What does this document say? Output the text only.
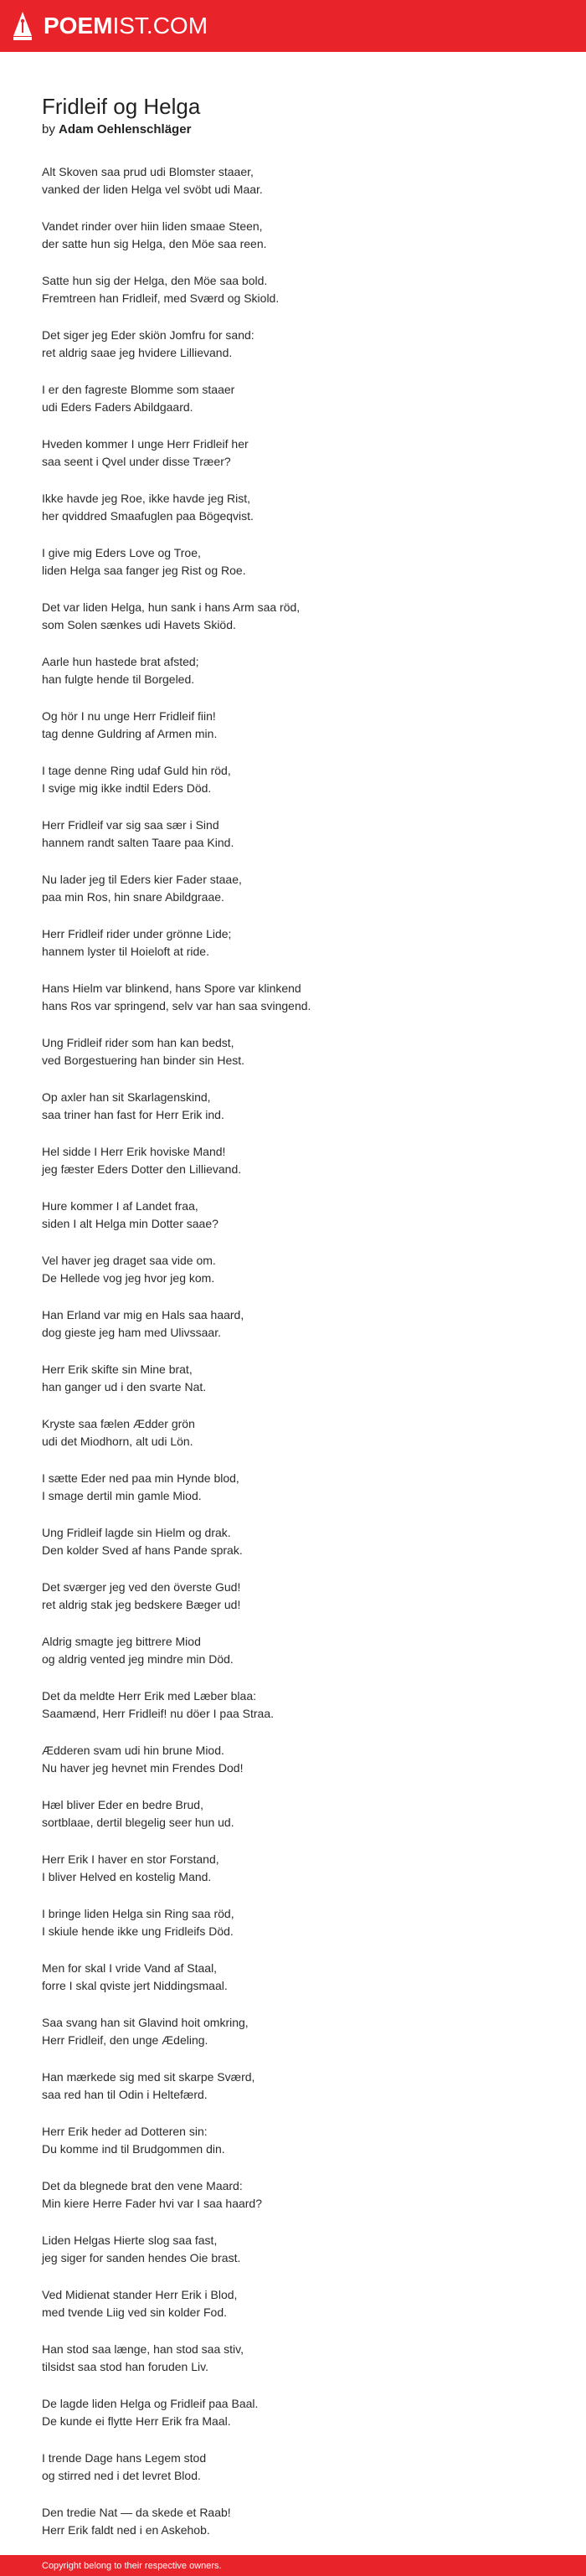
POEMIST.COM
Fridleif og Helga
by Adam Oehlenschläger

Alt Skoven saa prud udi Blomster staaer,
vanked der liden Helga vel svöbt udi Maar.

Vandet rinder over hiin liden smaae Steen,
der satte hun sig Helga, den Möe saa reen.

Satte hun sig der Helga, den Möe saa bold.
Fremtreen han Fridleif, med Sværd og Skiold.

Det siger jeg Eder skiön Jomfru for sand:
ret aldrig saae jeg hvidere Lillievand.

I er den fagreste Blomme som staaer
udi Eders Faders Abildgaard.

Hveden kommer I unge Herr Fridleif her
saa seent i Qvel under disse Træer?

Ikke havde jeg Roe, ikke havde jeg Rist,
her qviddred Smaafuglen paa Bögeqvist.

I give mig Eders Love og Troe,
liden Helga saa fanger jeg Rist og Roe.

Det var liden Helga, hun sank i hans Arm saa röd,
som Solen sænkes udi Havets Skiöd.

Aarle hun hastede brat afsted;
han fulgte hende til Borgeled.

Og hör I nu unge Herr Fridleif fiin!
tag denne Guldring af Armen min.

I tage denne Ring udaf Guld hin röd,
I svige mig ikke indtil Eders Död.

Herr Fridleif var sig saa sær i Sind
hannem randt salten Taare paa Kind.

Nu lader jeg til Eders kier Fader staae,
paa min Ros, hin snare Abildgraae.

Herr Fridleif rider under grönne Lide;
hannem lyster til Hoieloft at ride.

Hans Hielm var blinkend, hans Spore var klinkend
hans Ros var springend, selv var han saa svingend.

Ung Fridleif rider som han kan bedst,
ved Borgestuering han binder sin Hest.

Op axler han sit Skarlagenskind,
saa triner han fast for Herr Erik ind.

Hel sidde I Herr Erik hoviske Mand!
jeg fæster Eders Dotter den Lillievand.

Hure kommer I af Landet fraa,
siden I alt Helga min Dotter saae?

Vel haver jeg draget saa vide om.
De Hellede vog jeg hvor jeg kom.

Han Erland var mig en Hals saa haard,
dog gieste jeg ham med Ulivssaar.

Herr Erik skifte sin Mine brat,
han ganger ud i den svarte Nat.

Kryste saa fælen Ædder grön
udi det Miodhorn, alt udi Lön.

I sætte Eder ned paa min Hynde blod,
I smage dertil min gamle Miod.

Ung Fridleif lagde sin Hielm og drak.
Den kolder Sved af hans Pande sprak.

Det sværger jeg ved den överste Gud!
ret aldrig stak jeg bedskere Bæger ud!

Aldrig smagte jeg bittrere Miod
og aldrig vented jeg mindre min Död.

Det da meldte Herr Erik med Læber blaa:
Saamænd, Herr Fridleif! nu döer I paa Straa.

Ædderen svam udi hin brune Miod.
Nu haver jeg hevnet min Frendes Dod!

Hæl bliver Eder en bedre Brud,
sortblaae, dertil blegelig seer hun ud.

Herr Erik I haver en stor Forstand,
I bliver Helved en kostelig Mand.

I bringe liden Helga sin Ring saa röd,
I skiule hende ikke ung Fridleifs Död.

Men for skal I vride Vand af Staal,
forre I skal qviste jert Niddingsmaal.

Saa svang han sit Glavind hoit omkring,
Herr Fridleif, den unge Ædeling.

Han mærkede sig med sit skarpe Sværd,
saa red han til Odin i Heltefærd.

Herr Erik heder ad Dotteren sin:
Du komme ind til Brudgommen din.

Det da blegnede brat den vene Maard:
Min kiere Herre Fader hvi var I saa haard?

Liden Helgas Hierte slog saa fast,
jeg siger for sanden hendes Oie brast.

Ved Midienat stander Herr Erik i Blod,
med tvende Liig ved sin kolder Fod.

Han stod saa længe, han stod saa stiv,
tilsidst saa stod han foruden Liv.

De lagde liden Helga og Fridleif paa Baal.
De kunde ei flytte Herr Erik fra Maal.

I trende Dage hans Legem stod
og stirred ned i det levret Blod.

Den tredie Nat — da skede et Raab!
Herr Erik faldt ned i en Askehob.

Copyright belong to their respective owners.
